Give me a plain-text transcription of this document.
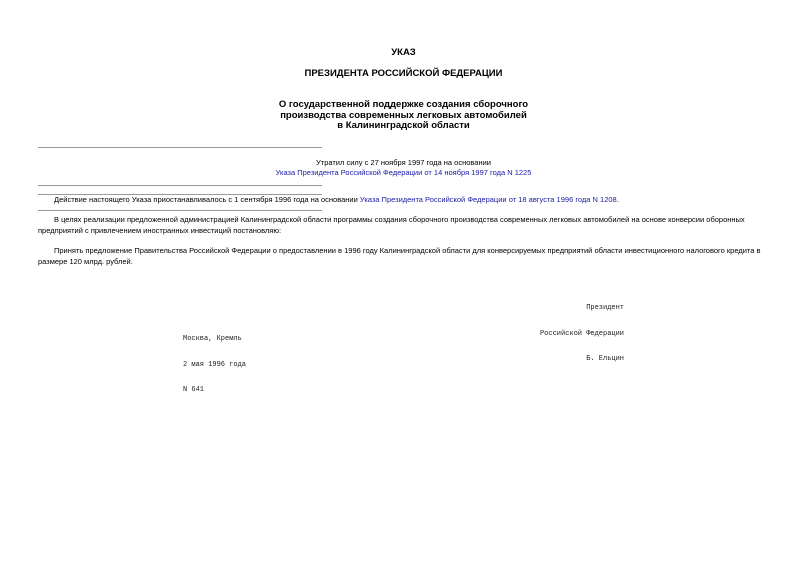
УКАЗ
ПРЕЗИДЕНТА РОССИЙСКОЙ ФЕДЕРАЦИИ
О государственной поддержке создания сборочного
производства современных легковых автомобилей
в Калининградской области
Утратил силу с 27 ноября 1997 года на основании
Указа Президента Российской Федерации от 14 ноября 1997 года N 1225
Действие настоящего Указа приостанавливалось с 1 сентября 1996 года на основании Указа Президента Российской Федерации от 18 августа 1996 года N 1208.
В целях реализации предложенной администрацией Калининградской области программы создания сборочного производства современных легковых автомобилей на основе конверсии оборонных предприятий с привлечением иностранных инвестиций постановляю:
Принять предложение Правительства Российской Федерации о предоставлении в 1996 году Калининградской области для конверсируемых предприятий области инвестиционного налогового кредита в размере 120 млрд. рублей.

Президент

Российской Федерации

Б. Ельцин

Москва, Кремль

2 мая 1996 года

N 641
